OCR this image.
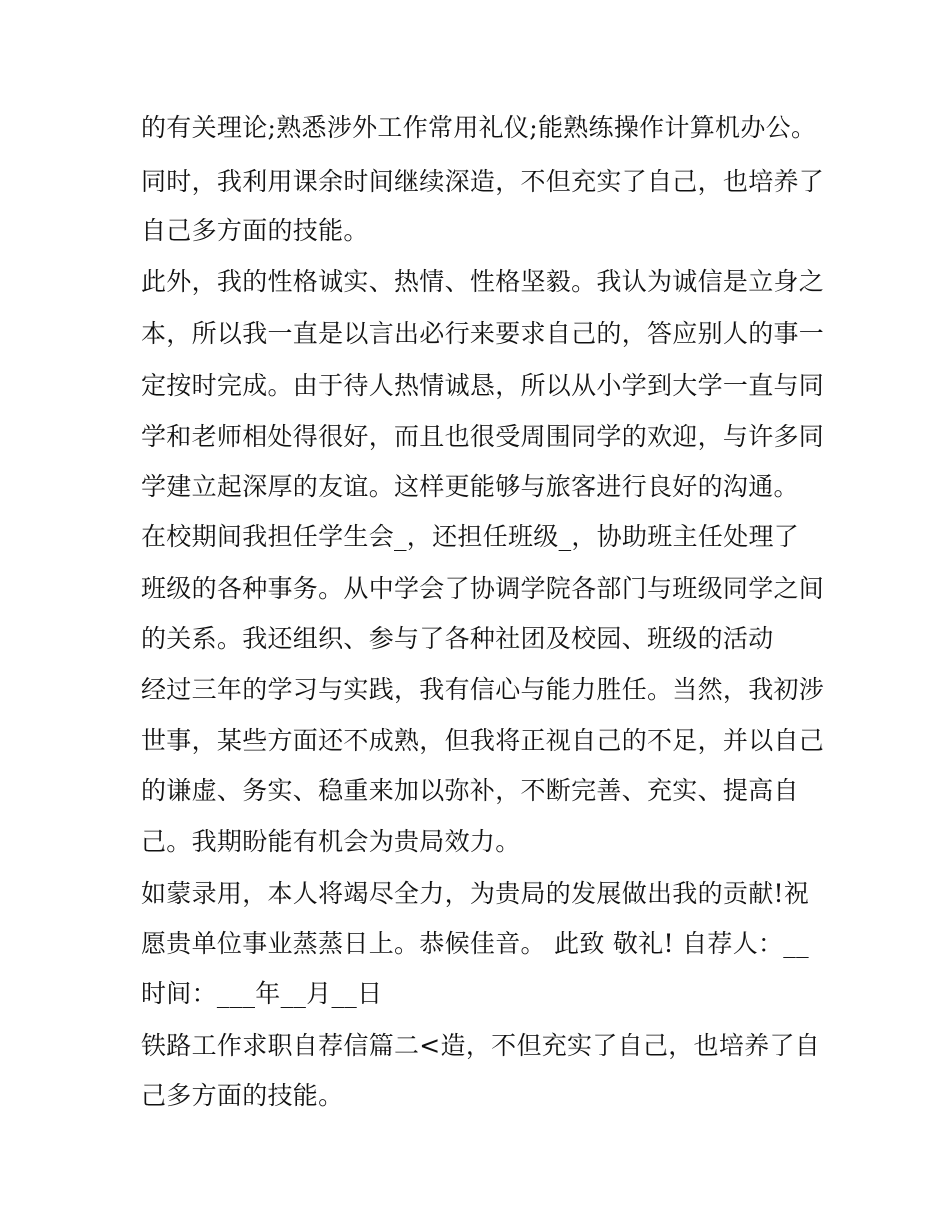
的有关理论;熟悉涉外工作常用礼仪;能熟练操作计算机办公。
同时，我利用课余时间继续深造，不但充实了自己，也培养了
自己多方面的技能。
此外，我的性格诚实、热情、性格坚毅。我认为诚信是立身之
本，所以我一直是以言出必行来要求自己的，答应别人的事一
定按时完成。由于待人热情诚恳，所以从小学到大学一直与同
学和老师相处得很好，而且也很受周围同学的欢迎，与许多同
学建立起深厚的友谊。这样更能够与旅客进行良好的沟通。
在校期间我担任学生会_，还担任班级_，协助班主任处理了
班级的各种事务。从中学会了协调学院各部门与班级同学之间
的关系。我还组织、参与了各种社团及校园、班级的活动
经过三年的学习与实践，我有信心与能力胜任。当然，我初涉
世事，某些方面还不成熟，但我将正视自己的不足，并以自己
的谦虚、务实、稳重来加以弥补，不断完善、充实、提高自
己。我期盼能有机会为贵局效力。
如蒙录用，本人将竭尽全力，为贵局的发展做出我的贡献!祝
愿贵单位事业蒸蒸日上。恭候佳音。 此致 敬礼! 自荐人：__
时间：___年__月__日
铁路工作求职自荐信篇二<造，不但充实了自己，也培养了自
己多方面的技能。
